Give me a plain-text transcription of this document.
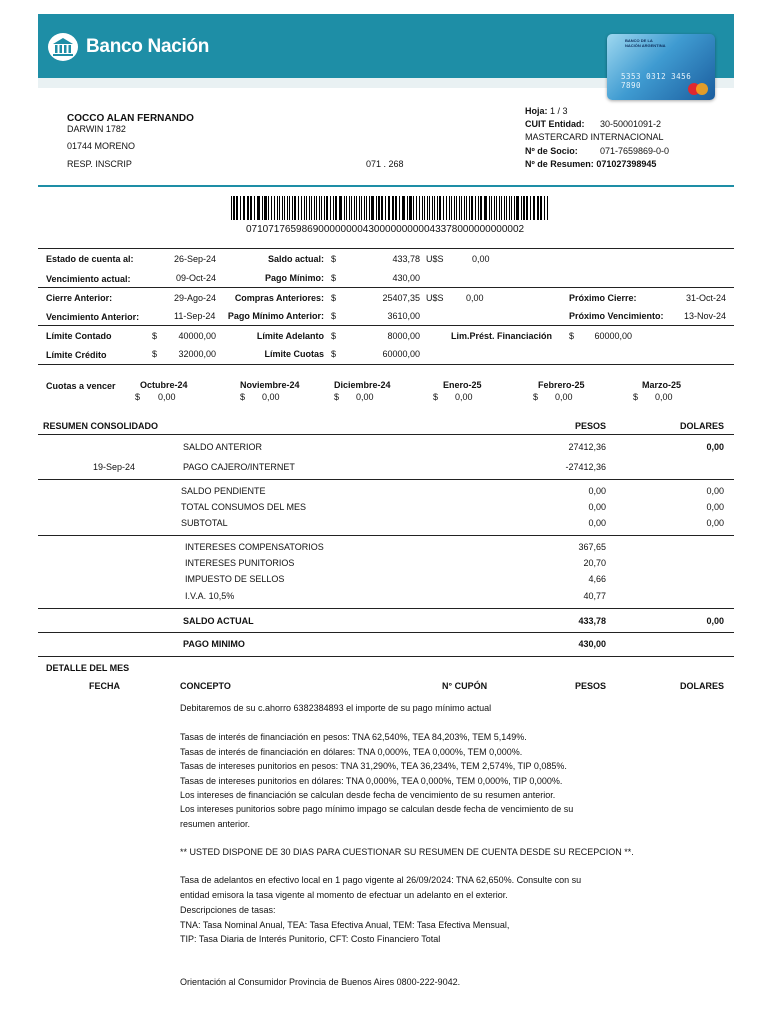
Banco Nación	BANCO DE LA
NACIÓN ARGENTINA
5353 0312 3456 7890
COCCO ALAN FERNANDO
DARWIN 1782
01744 MORENO
RESP. INSCRIP	071 . 268
Hoja: 1 / 3
CUIT Entidad: 30-50001091-2
MASTERCARD INTERNACIONAL
Nº de Socio: 071-7659869-0-0
Nº de Resumen: 071027398945
07107176598690000000043000000000043378000000000002
Estado de cuenta al:	26-Sep-24	Saldo actual: $	433,78 U$S	0,00
Vencimiento actual:	09-Oct-24	Pago Mínimo: $	430,00
Cierre Anterior:	29-Ago-24	Compras Anteriores: $	25407,35 U$S 0,00	Próximo Cierre:	31-Oct-24
Vencimiento Anterior:	11-Sep-24	Pago Mínimo Anterior: $	3610,00	Próximo Vencimiento:	13-Nov-24
Límite Contado	$	40000,00	Límite Adelanto $	8000,00	Lim.Prést. Financiación $	60000,00
Límite Crédito	$	32000,00	Límite Cuotas $	60000,00
Cuotas a vencer	Octubre-24
$ 0,00
Noviembre-24
$ 0,00
Diciembre-24
$ 0,00
Enero-25
$ 0,00
Febrero-25
$ 0,00
Marzo-25
$ 0,00
RESUMEN CONSOLIDADO	PESOS	DOLARES
SALDO ANTERIOR	27412,36	0,00
19-Sep-24	PAGO CAJERO/INTERNET	-27412,36
SALDO PENDIENTE	0,00	0,00
TOTAL CONSUMOS DEL MES	0,00	0,00
SUBTOTAL	0,00	0,00
INTERESES COMPENSATORIOS	367,65
INTERESES PUNITORIOS	20,70
IMPUESTO DE SELLOS	4,66
I.V.A. 10,5%	40,77
SALDO ACTUAL	433,78	0,00
PAGO MINIMO	430,00
DETALLE DEL MES
FECHA	CONCEPTO	N° CUPÓN	PESOS	DOLARES
Debitaremos de su c.ahorro 6382384893 el importe de su pago mínimo actual
Tasas de interés de financiación en pesos: TNA 62,540%, TEA 84,203%, TEM 5,149%.
Tasas de interés de financiación en dólares: TNA 0,000%, TEA 0,000%, TEM 0,000%.
Tasas de intereses punitorios en pesos: TNA 31,290%, TEA 36,234%, TEM 2,574%, TIP 0,085%.
Tasas de intereses punitorios en dólares: TNA 0,000%, TEA 0,000%, TEM 0,000%, TIP 0,000%.
Los intereses de financiación se calculan desde fecha de vencimiento de su resumen anterior.
Los intereses punitorios sobre pago mínimo impago se calculan desde fecha de vencimiento de su
resumen anterior.
** USTED DISPONE DE 30 DIAS PARA CUESTIONAR SU RESUMEN DE CUENTA DESDE SU RECEPCION **.
Tasa de adelantos en efectivo local en 1 pago vigente al 26/09/2024: TNA 62,650%. Consulte con su
entidad emisora la tasa vigente al momento de efectuar un adelanto en el exterior.
Descripciones de tasas:
TNA: Tasa Nominal Anual, TEA: Tasa Efectiva Anual, TEM: Tasa Efectiva Mensual,
TIP: Tasa Diaria de Interés Punitorio, CFT: Costo Financiero Total
Orientación al Consumidor Provincia de Buenos Aires 0800-222-9042.
